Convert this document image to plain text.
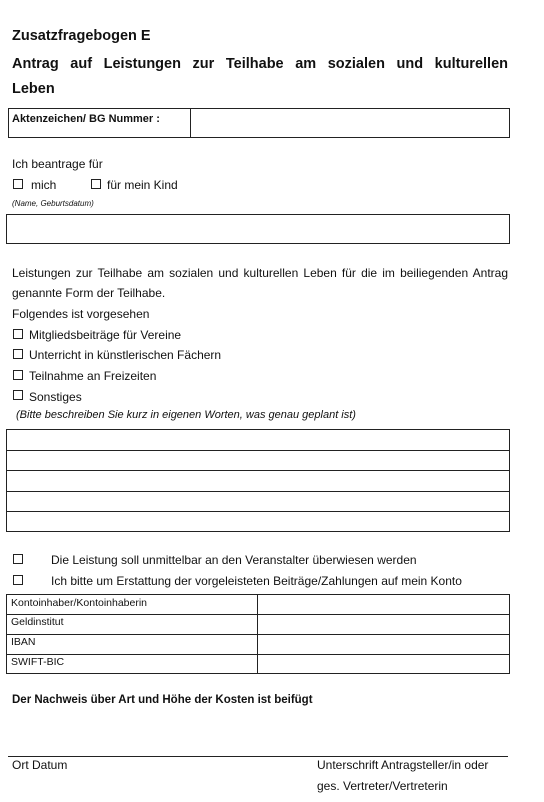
Zusatzfragebogen E
Antrag auf Leistungen zur Teilhabe am sozialen und kulturellen
Leben
Aktenzeichen/ BG Nummer :
Ich beantrage für
mich	für mein Kind
(Name, Geburtsdatum)
Leistungen zur Teilhabe am sozialen und kulturellen Leben für die im beiliegenden Antrag
genannte Form der Teilhabe.
Folgendes ist vorgesehen
Mitgliedsbeiträge für Vereine
Unterricht in künstlerischen Fächern
Teilnahme an Freizeiten
Sonstiges
(Bitte beschreiben Sie kurz in eigenen Worten, was genau geplant ist)
Die Leistung soll unmittelbar an den Veranstalter überwiesen werden
Ich bitte um Erstattung der vorgeleisteten Beiträge/Zahlungen auf mein Konto
Kontoinhaber/Kontoinhaberin
Geldinstitut
IBAN
SWIFT-BIC
Der Nachweis über Art und Höhe der Kosten ist beifügt
Ort Datum	Unterschrift Antragsteller/in oder
ges. Vertreter/Vertreterin
